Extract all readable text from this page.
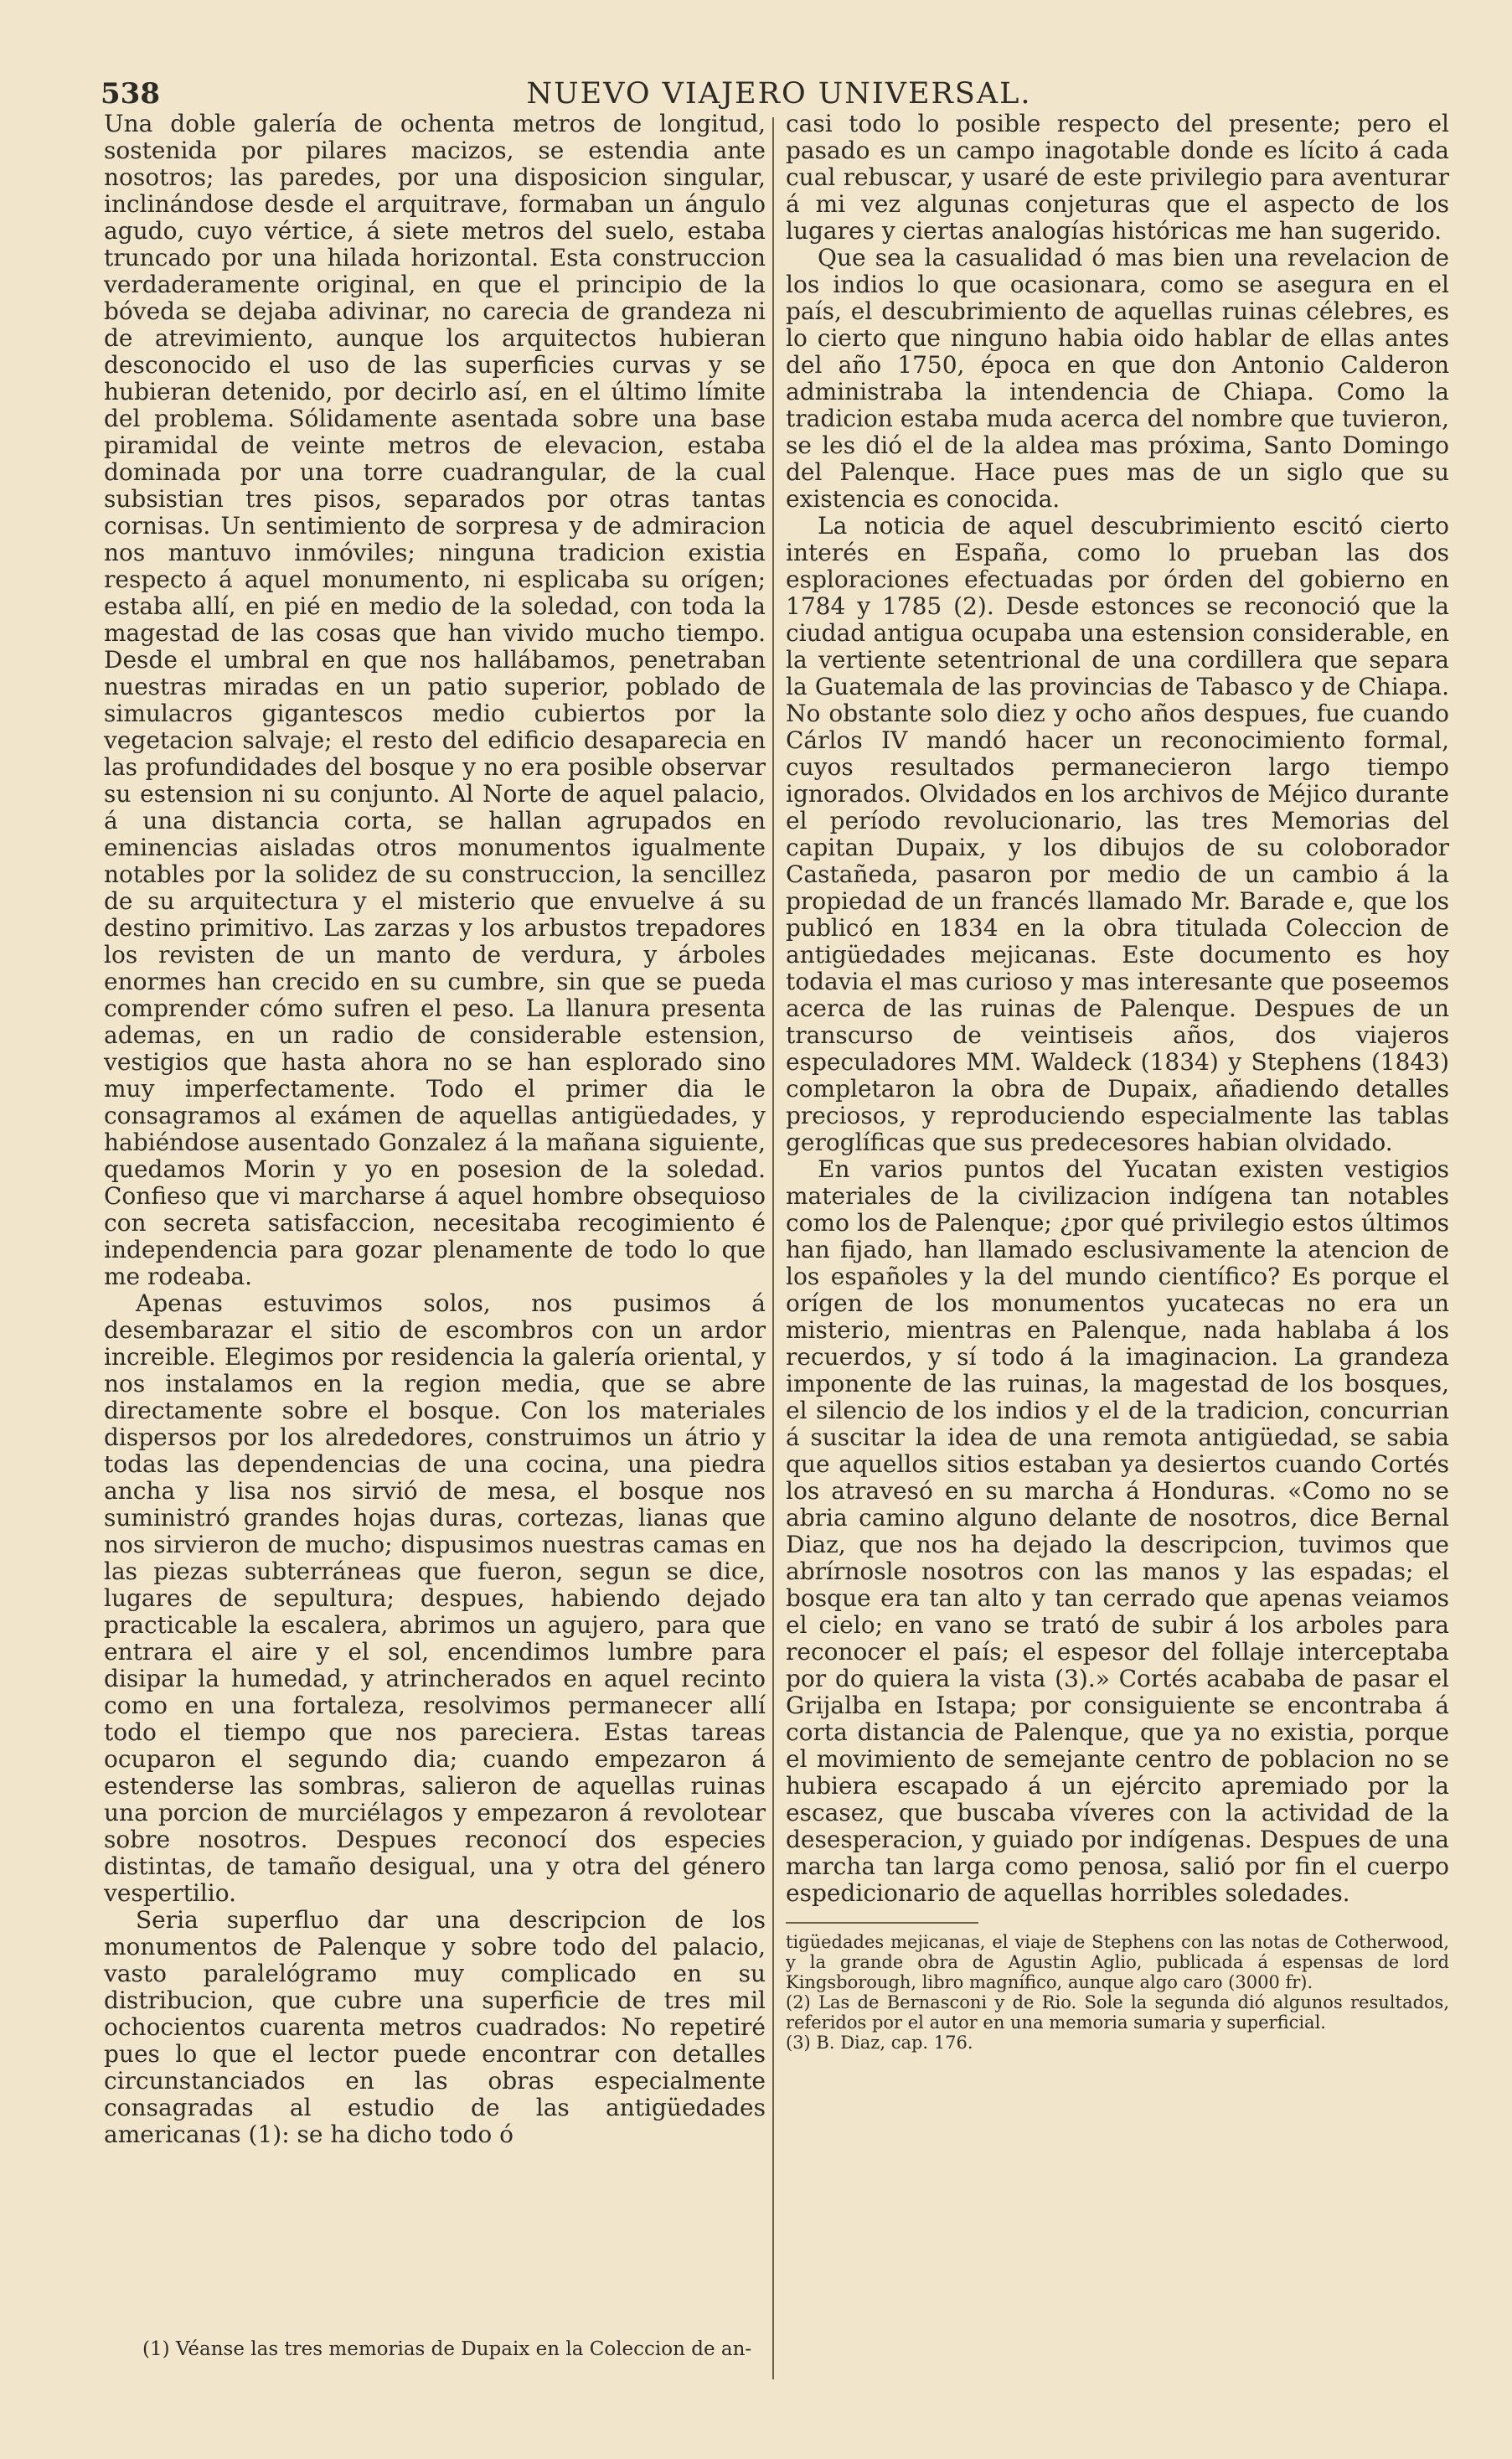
538	NUEVO VIAJERO UNIVERSAL.

Una doble galería de ochenta metros de longitud, sostenida por pilares macizos, se estendia ante nosotros; las paredes, por una disposicion singular, inclinándose desde el arquitrave, formaban un ángulo agudo, cuyo vértice, á siete metros del suelo, estaba truncado por una hilada horizontal. Esta construccion verdaderamente original, en que el principio de la bóveda se dejaba adivinar, no carecia de grandeza ni de atrevimiento, aunque los arquitectos hubieran desconocido el uso de las superficies curvas y se hubieran detenido, por decirlo así, en el último límite del problema. Sólidamente asentada sobre una base piramidal de veinte metros de elevacion, estaba dominada por una torre cuadrangular, de la cual subsistian tres pisos, separados por otras tantas cornisas. Un sentimiento de sorpresa y de admiracion nos mantuvo inmóviles; ninguna tradicion existia respecto á aquel monumento, ni esplicaba su orígen; estaba allí, en pié en medio de la soledad, con toda la magestad de las cosas que han vivido mucho tiempo. Desde el umbral en que nos hallábamos, penetraban nuestras miradas en un patio superior, poblado de simulacros gigantescos medio cubiertos por la vegetacion salvaje; el resto del edificio desaparecia en las profundidades del bosque y no era posible observar su estension ni su conjunto. Al Norte de aquel palacio, á una distancia corta, se hallan agrupados en eminencias aisladas otros monumentos igualmente notables por la solidez de su construccion, la sencillez de su arquitectura y el misterio que envuelve á su destino primitivo. Las zarzas y los arbustos trepadores los revisten de un manto de verdura, y árboles enormes han crecido en su cumbre, sin que se pueda comprender cómo sufren el peso. La llanura presenta ademas, en un radio de considerable estension, vestigios que hasta ahora no se han esplorado sino muy imperfectamente. Todo el primer dia le consagramos al exámen de aquellas antigüedades, y habiéndose ausentado Gonzalez á la mañana siguiente, quedamos Morin y yo en posesion de la soledad. Confieso que vi marcharse á aquel hombre obsequioso con secreta satisfaccion, necesitaba recogimiento é independencia para gozar plenamente de todo lo que me rodeaba.

Apenas estuvimos solos, nos pusimos á desembarazar el sitio de escombros con un ardor increible. Elegimos por residencia la galería oriental, y nos instalamos en la region media, que se abre directamente sobre el bosque. Con los materiales dispersos por los alrededores, construimos un átrio y todas las dependencias de una cocina, una piedra ancha y lisa nos sirvió de mesa, el bosque nos suministró grandes hojas duras, cortezas, lianas que nos sirvieron de mucho; dispusimos nuestras camas en las piezas subterráneas que fueron, segun se dice, lugares de sepultura; despues, habiendo dejado practicable la escalera, abrimos un agujero, para que entrara el aire y el sol, encendimos lumbre para disipar la humedad, y atrincherados en aquel recinto como en una fortaleza, resolvimos permanecer allí todo el tiempo que nos pareciera. Estas tareas ocuparon el segundo dia; cuando empezaron á estenderse las sombras, salieron de aquellas ruinas una porcion de murciélagos y empezaron á revolotear sobre nosotros. Despues reconocí dos especies distintas, de tamaño desigual, una y otra del género vespertilio.

Seria superfluo dar una descripcion de los monumentos de Palenque y sobre todo del palacio, vasto paralelógramo muy complicado en su distribucion, que cubre una superficie de tres mil ochocientos cuarenta metros cuadrados: No repetiré pues lo que el lector puede encontrar con detalles circunstanciados en las obras especialmente consagradas al estudio de las antigüedades americanas (1): se ha dicho todo ó

casi todo lo posible respecto del presente; pero el pasado es un campo inagotable donde es lícito á cada cual rebuscar, y usaré de este privilegio para aventurar á mi vez algunas conjeturas que el aspecto de los lugares y ciertas analogías históricas me han sugerido.

Que sea la casualidad ó mas bien una revelacion de los indios lo que ocasionara, como se asegura en el país, el descubrimiento de aquellas ruinas célebres, es lo cierto que ninguno habia oido hablar de ellas antes del año 1750, época en que don Antonio Calderon administraba la intendencia de Chiapa. Como la tradicion estaba muda acerca del nombre que tuvieron, se les dió el de la aldea mas próxima, Santo Domingo del Palenque. Hace pues mas de un siglo que su existencia es conocida.

La noticia de aquel descubrimiento escitó cierto interés en España, como lo prueban las dos esploraciones efectuadas por órden del gobierno en 1784 y 1785 (2). Desde estonces se reconoció que la ciudad antigua ocupaba una estension considerable, en la vertiente setentrional de una cordillera que separa la Guatemala de las provincias de Tabasco y de Chiapa. No obstante solo diez y ocho años despues, fue cuando Cárlos IV mandó hacer un reconocimiento formal, cuyos resultados permanecieron largo tiempo ignorados. Olvidados en los archivos de Méjico durante el período revolucionario, las tres Memorias del capitan Dupaix, y los dibujos de su coloborador Castañeda, pasaron por medio de un cambio á la propiedad de un francés llamado Mr. Barade e, que los publicó en 1834 en la obra titulada Coleccion de antigüedades mejicanas. Este documento es hoy todavia el mas curioso y mas interesante que poseemos acerca de las ruinas de Palenque. Despues de un transcurso de veintiseis años, dos viajeros especuladores MM. Waldeck (1834) y Stephens (1843) completaron la obra de Dupaix, añadiendo detalles preciosos, y reproduciendo especialmente las tablas geroglíficas que sus predecesores habian olvidado.

En varios puntos del Yucatan existen vestigios materiales de la civilizacion indígena tan notables como los de Palenque; ¿por qué privilegio estos últimos han fijado, han llamado esclusivamente la atencion de los españoles y la del mundo científico? Es porque el orígen de los monumentos yucatecas no era un misterio, mientras en Palenque, nada hablaba á los recuerdos, y sí todo á la imaginacion. La grandeza imponente de las ruinas, la magestad de los bosques, el silencio de los indios y el de la tradicion, concurrian á suscitar la idea de una remota antigüedad, se sabia que aquellos sitios estaban ya desiertos cuando Cortés los atravesó en su marcha á Honduras. «Como no se abria camino alguno delante de nosotros, dice Bernal Diaz, que nos ha dejado la descripcion, tuvimos que abrírnosle nosotros con las manos y las espadas; el bosque era tan alto y tan cerrado que apenas veiamos el cielo; en vano se trató de subir á los arboles para reconocer el país; el espesor del follaje interceptaba por do quiera la vista (3).» Cortés acababa de pasar el Grijalba en Istapa; por consiguiente se encontraba á corta distancia de Palenque, que ya no existia, porque el movimiento de semejante centro de poblacion no se hubiera escapado á un ejército apremiado por la escasez, que buscaba víveres con la actividad de la desesperacion, y guiado por indígenas. Despues de una marcha tan larga como penosa, salió por fin el cuerpo espedicionario de aquellas horribles soledades.

tigüedades mejicanas, el viaje de Stephens con las notas de Cotherwood, y la grande obra de Agustin Aglio, publicada á espensas de lord Kingsborough, libro magnífico, aunque algo caro (3000 fr).

(2) Las de Bernasconi y de Rio. Sole la segunda dió algunos resultados, referidos por el autor en una memoria sumaria y superficial.

(3) B. Diaz, cap. 176.

(1) Véanse las tres memorias de Dupaix en la Coleccion de an-
